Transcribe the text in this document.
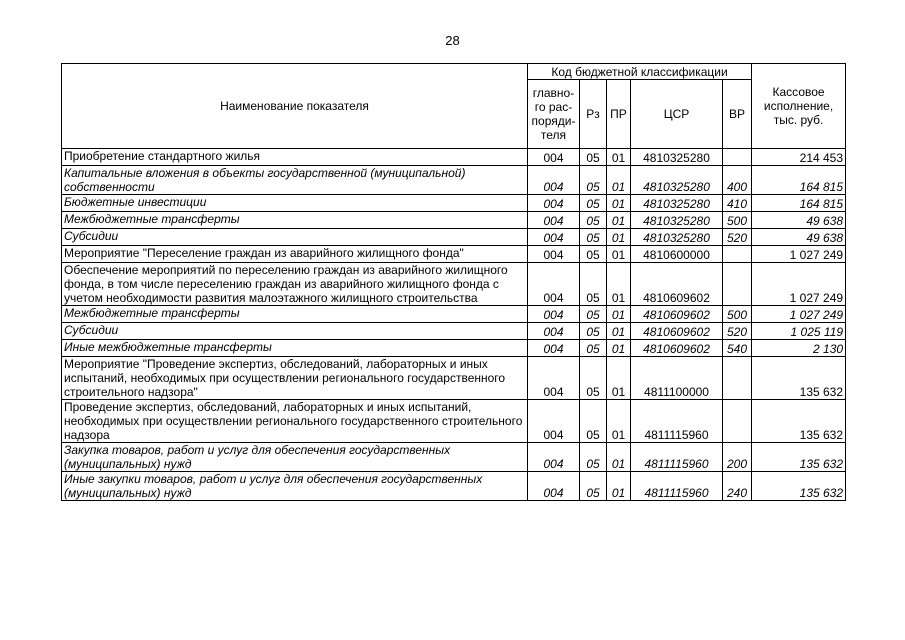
28
Наименование показателя	Код бюджетной классификации					Кассовое исполнение, тыс. руб.
	главно-го рас-поряди-теля	Рз	ПР	ЦСР	ВР	
Приобретение стандартного жилья	004	05	01	4810325280		214 453
Капитальные вложения в объекты государственной (муниципальной) собственности	004	05	01	4810325280	400	164 815
Бюджетные инвестиции	004	05	01	4810325280	410	164 815
Межбюджетные трансферты	004	05	01	4810325280	500	49 638
Субсидии	004	05	01	4810325280	520	49 638
Мероприятие "Переселение граждан из аварийного жилищного фонда"	004	05	01	4810600000		1 027 249
Обеспечение мероприятий по переселению граждан из аварийного жилищного фонда, в том числе переселению граждан из аварийного жилищного фонда с учетом необходимости развития малоэтажного жилищного строительства	004	05	01	4810609602		1 027 249
Межбюджетные трансферты	004	05	01	4810609602	500	1 027 249
Субсидии	004	05	01	4810609602	520	1 025 119
Иные межбюджетные трансферты	004	05	01	4810609602	540	2 130
Мероприятие "Проведение экспертиз, обследований, лабораторных и иных испытаний, необходимых при осуществлении регионального государственного строительного надзора"	004	05	01	4811100000		135 632
Проведение экспертиз, обследований, лабораторных и иных испытаний, необходимых при осуществлении регионального государственного строительного надзора	004	05	01	4811115960		135 632
Закупка товаров, работ и услуг для обеспечения государственных (муниципальных) нужд	004	05	01	4811115960	200	135 632
Иные закупки товаров, работ и услуг для обеспечения государственных (муниципальных) нужд	004	05	01	4811115960	240	135 632
